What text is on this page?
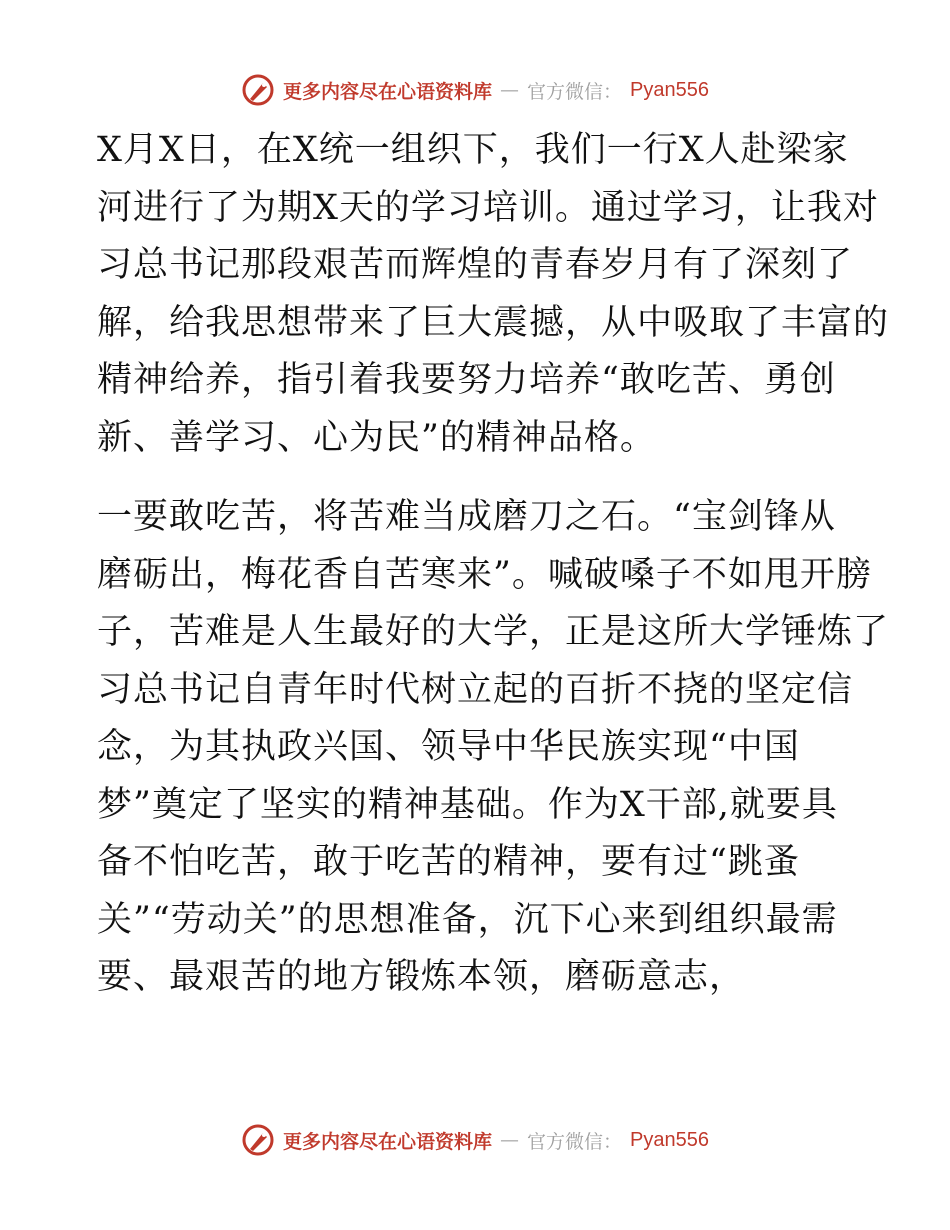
更多内容尽在心语资料库 — 官方微信： Pyan556
X月X日，在X统一组织下，我们一行X人赴梁家
河进行了为期X天的学习培训。通过学习，让我对
习总书记那段艰苦而辉煌的青春岁月有了深刻了
解，给我思想带来了巨大震撼，从中吸取了丰富的
精神给养，指引着我要努力培养“敢吃苦、勇创
新、善学习、心为民”的精神品格。
一要敢吃苦，将苦难当成磨刀之石。“宝剑锋从
磨砺出，梅花香自苦寒来”。喊破嗓子不如甩开膀
子，苦难是人生最好的大学，正是这所大学锤炼了
习总书记自青年时代树立起的百折不挠的坚定信
念，为其执政兴国、领导中华民族实现“中国
梦”奠定了坚实的精神基础。作为X干部,就要具
备不怕吃苦，敢于吃苦的精神，要有过“跳蚤
关”“劳动关”的思想准备，沉下心来到组织最需
要、最艰苦的地方锻炼本领，磨砺意志，
更多内容尽在心语资料库 — 官方微信： Pyan556
